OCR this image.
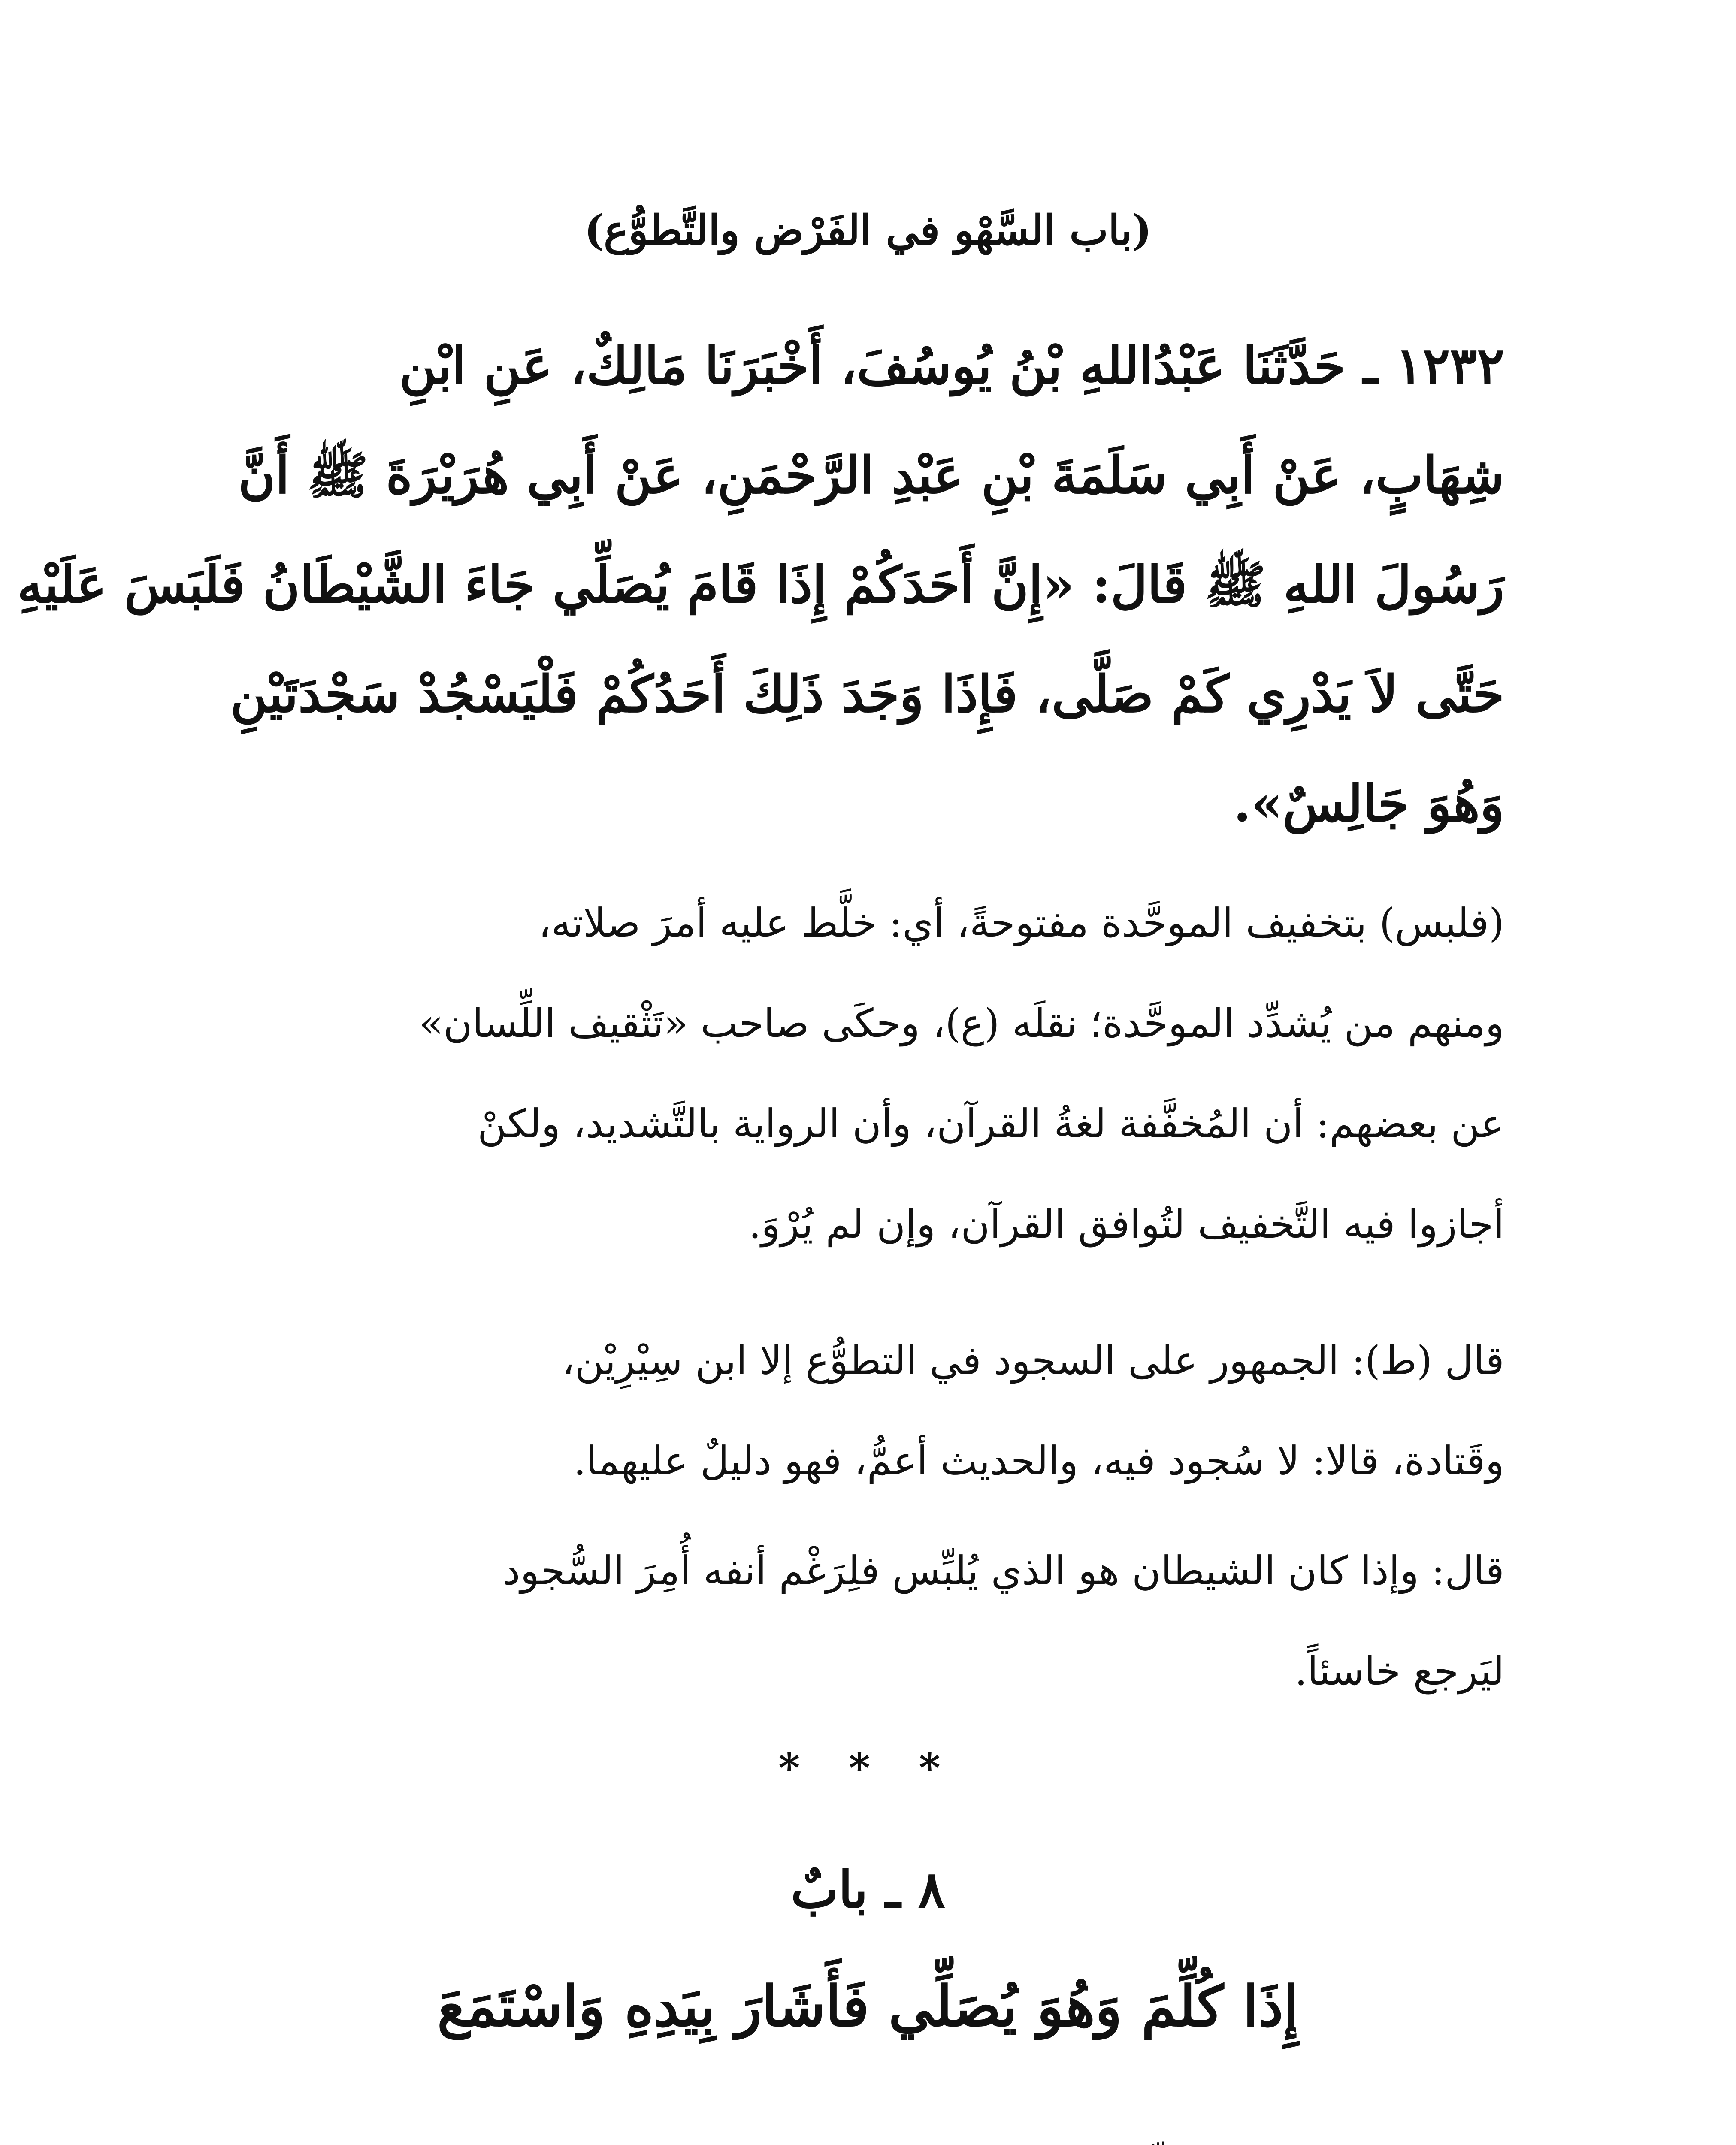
(باب السَّهْو في الفَرْض والتَّطوُّع)
١٢٣٢ ـ حَدَّثَنَا عَبْدُاللهِ بْنُ يُوسُفَ، أَخْبَرَنَا مَالِكٌ، عَنِ ابْنِ
شِهَابٍ، عَنْ أَبِي سَلَمَةَ بْنِ عَبْدِ الرَّحْمَنِ، عَنْ أَبِي هُرَيْرَةَ ﷺ أَنَّ
رَسُولَ اللهِ ﷺ قَالَ: «إِنَّ أَحَدَكُمْ إِذَا قَامَ يُصَلِّي جَاءَ الشَّيْطَانُ فَلَبَسَ عَلَيْهِ
حَتَّى لاَ يَدْرِي كَمْ صَلَّى، فَإِذَا وَجَدَ ذَلِكَ أَحَدُكُمْ فَلْيَسْجُدْ سَجْدَتَيْنِ
وَهُوَ جَالِسٌ».
(فلبس) بتخفيف الموحَّدة مفتوحةً، أي: خلَّط عليه أمرَ صلاته،
ومنهم من يُشدِّد الموحَّدة؛ نقلَه (ع)، وحكَى صاحب «تَثْقيف اللِّسان»
عن بعضهم: أن المُخفَّفة لغةُ القرآن، وأن الرواية بالتَّشديد، ولكنْ
أجازوا فيه التَّخفيف لتُوافق القرآن، وإن لم يُرْوَ.
قال (ط): الجمهور على السجود في التطوُّع إلا ابن سِيْرِيْن،
وقَتادة، قالا: لا سُجود فيه، والحديث أعمُّ، فهو دليلٌ عليهما.
قال: وإذا كان الشيطان هو الذي يُلبِّس فلِرَغْم أنفه أُمِرَ السُّجود
ليَرجع خاسئاً.
* * *
٨ ـ بابٌ
إِذَا كُلِّمَ وَهُوَ يُصَلِّي فَأَشَارَ بِيَدِهِ وَاسْتَمَعَ
